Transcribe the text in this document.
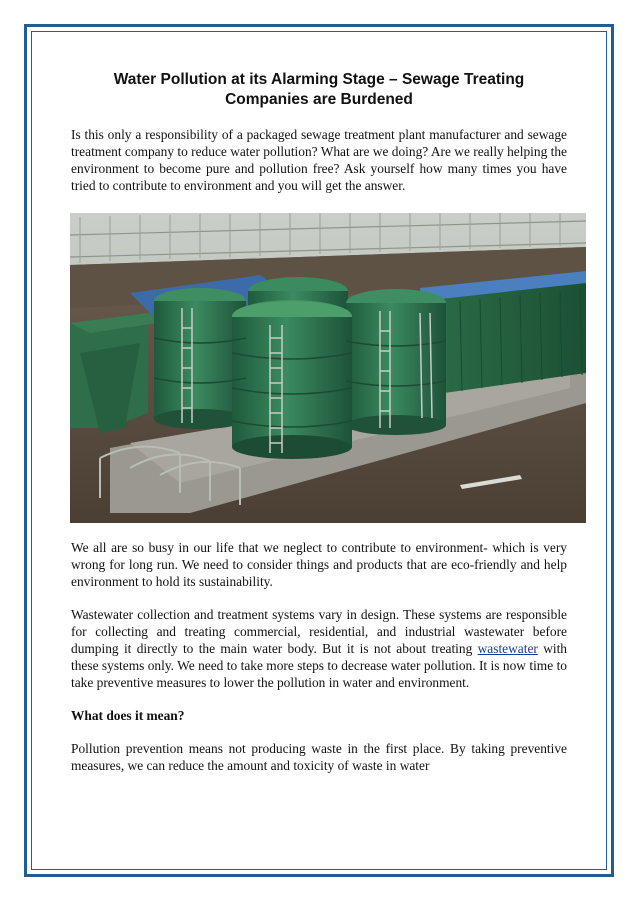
Water Pollution at its Alarming Stage – Sewage Treating Companies are Burdened

Is this only a responsibility of a packaged sewage treatment plant manufacturer and sewage treatment company to reduce water pollution? What are we doing? Are we really helping the environment to become pure and pollution free? Ask yourself how many times you have tried to contribute to environment and you will get the answer.

We all are so busy in our life that we neglect to contribute to environment- which is very wrong for long run. We need to consider things and products that are eco-friendly and help environment to hold its sustainability.

Wastewater collection and treatment systems vary in design. These systems are responsible for collecting and treating commercial, residential, and industrial wastewater before dumping it directly to the main water body. But it is not about treating wastewater with these systems only. We need to take more steps to decrease water pollution. It is now time to take preventive measures to lower the pollution in water and environment.

What does it mean?

Pollution prevention means not producing waste in the first place. By taking preventive measures, we can reduce the amount and toxicity of waste in water
